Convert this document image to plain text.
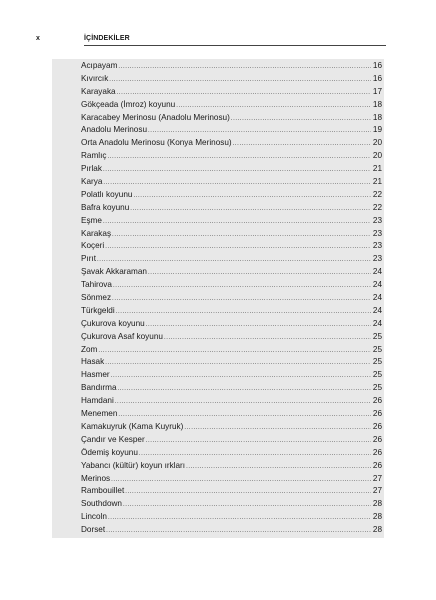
x	İÇİNDEKİLER
Acıpayam .....	16
Kıvırcık .....	16
Karayaka .....	17
Gökçeada (İmroz) koyunu .....	18
Karacabey Merinosu (Anadolu Merinosu) .....	18
Anadolu Merinosu .....	19
Orta Anadolu Merinosu (Konya Merinosu) .....	20
Ramlıç .....	20
Pırlak .....	21
Karya .....	21
Polatlı koyunu .....	22
Bafra koyunu .....	22
Eşme .....	23
Karakaş .....	23
Koçeri .....	23
Pırıt .....	23
Şavak Akkaraman .....	24
Tahirova .....	24
Sönmez .....	24
Türkgeldi .....	24
Çukurova koyunu .....	24
Çukurova Asaf koyunu .....	25
Zom .....	25
Hasak .....	25
Hasmer .....	25
Bandırma .....	25
Hamdani .....	26
Menemen .....	26
Kamakuyruk (Kama Kuyruk) .....	26
Çandır ve Kesper .....	26
Ödemiş koyunu .....	26
Yabancı (kültür) koyun ırkları .....	26
Merinos .....	27
Rambouillet .....	27
Southdown .....	28
Lincoln .....	28
Dorset .....	28
